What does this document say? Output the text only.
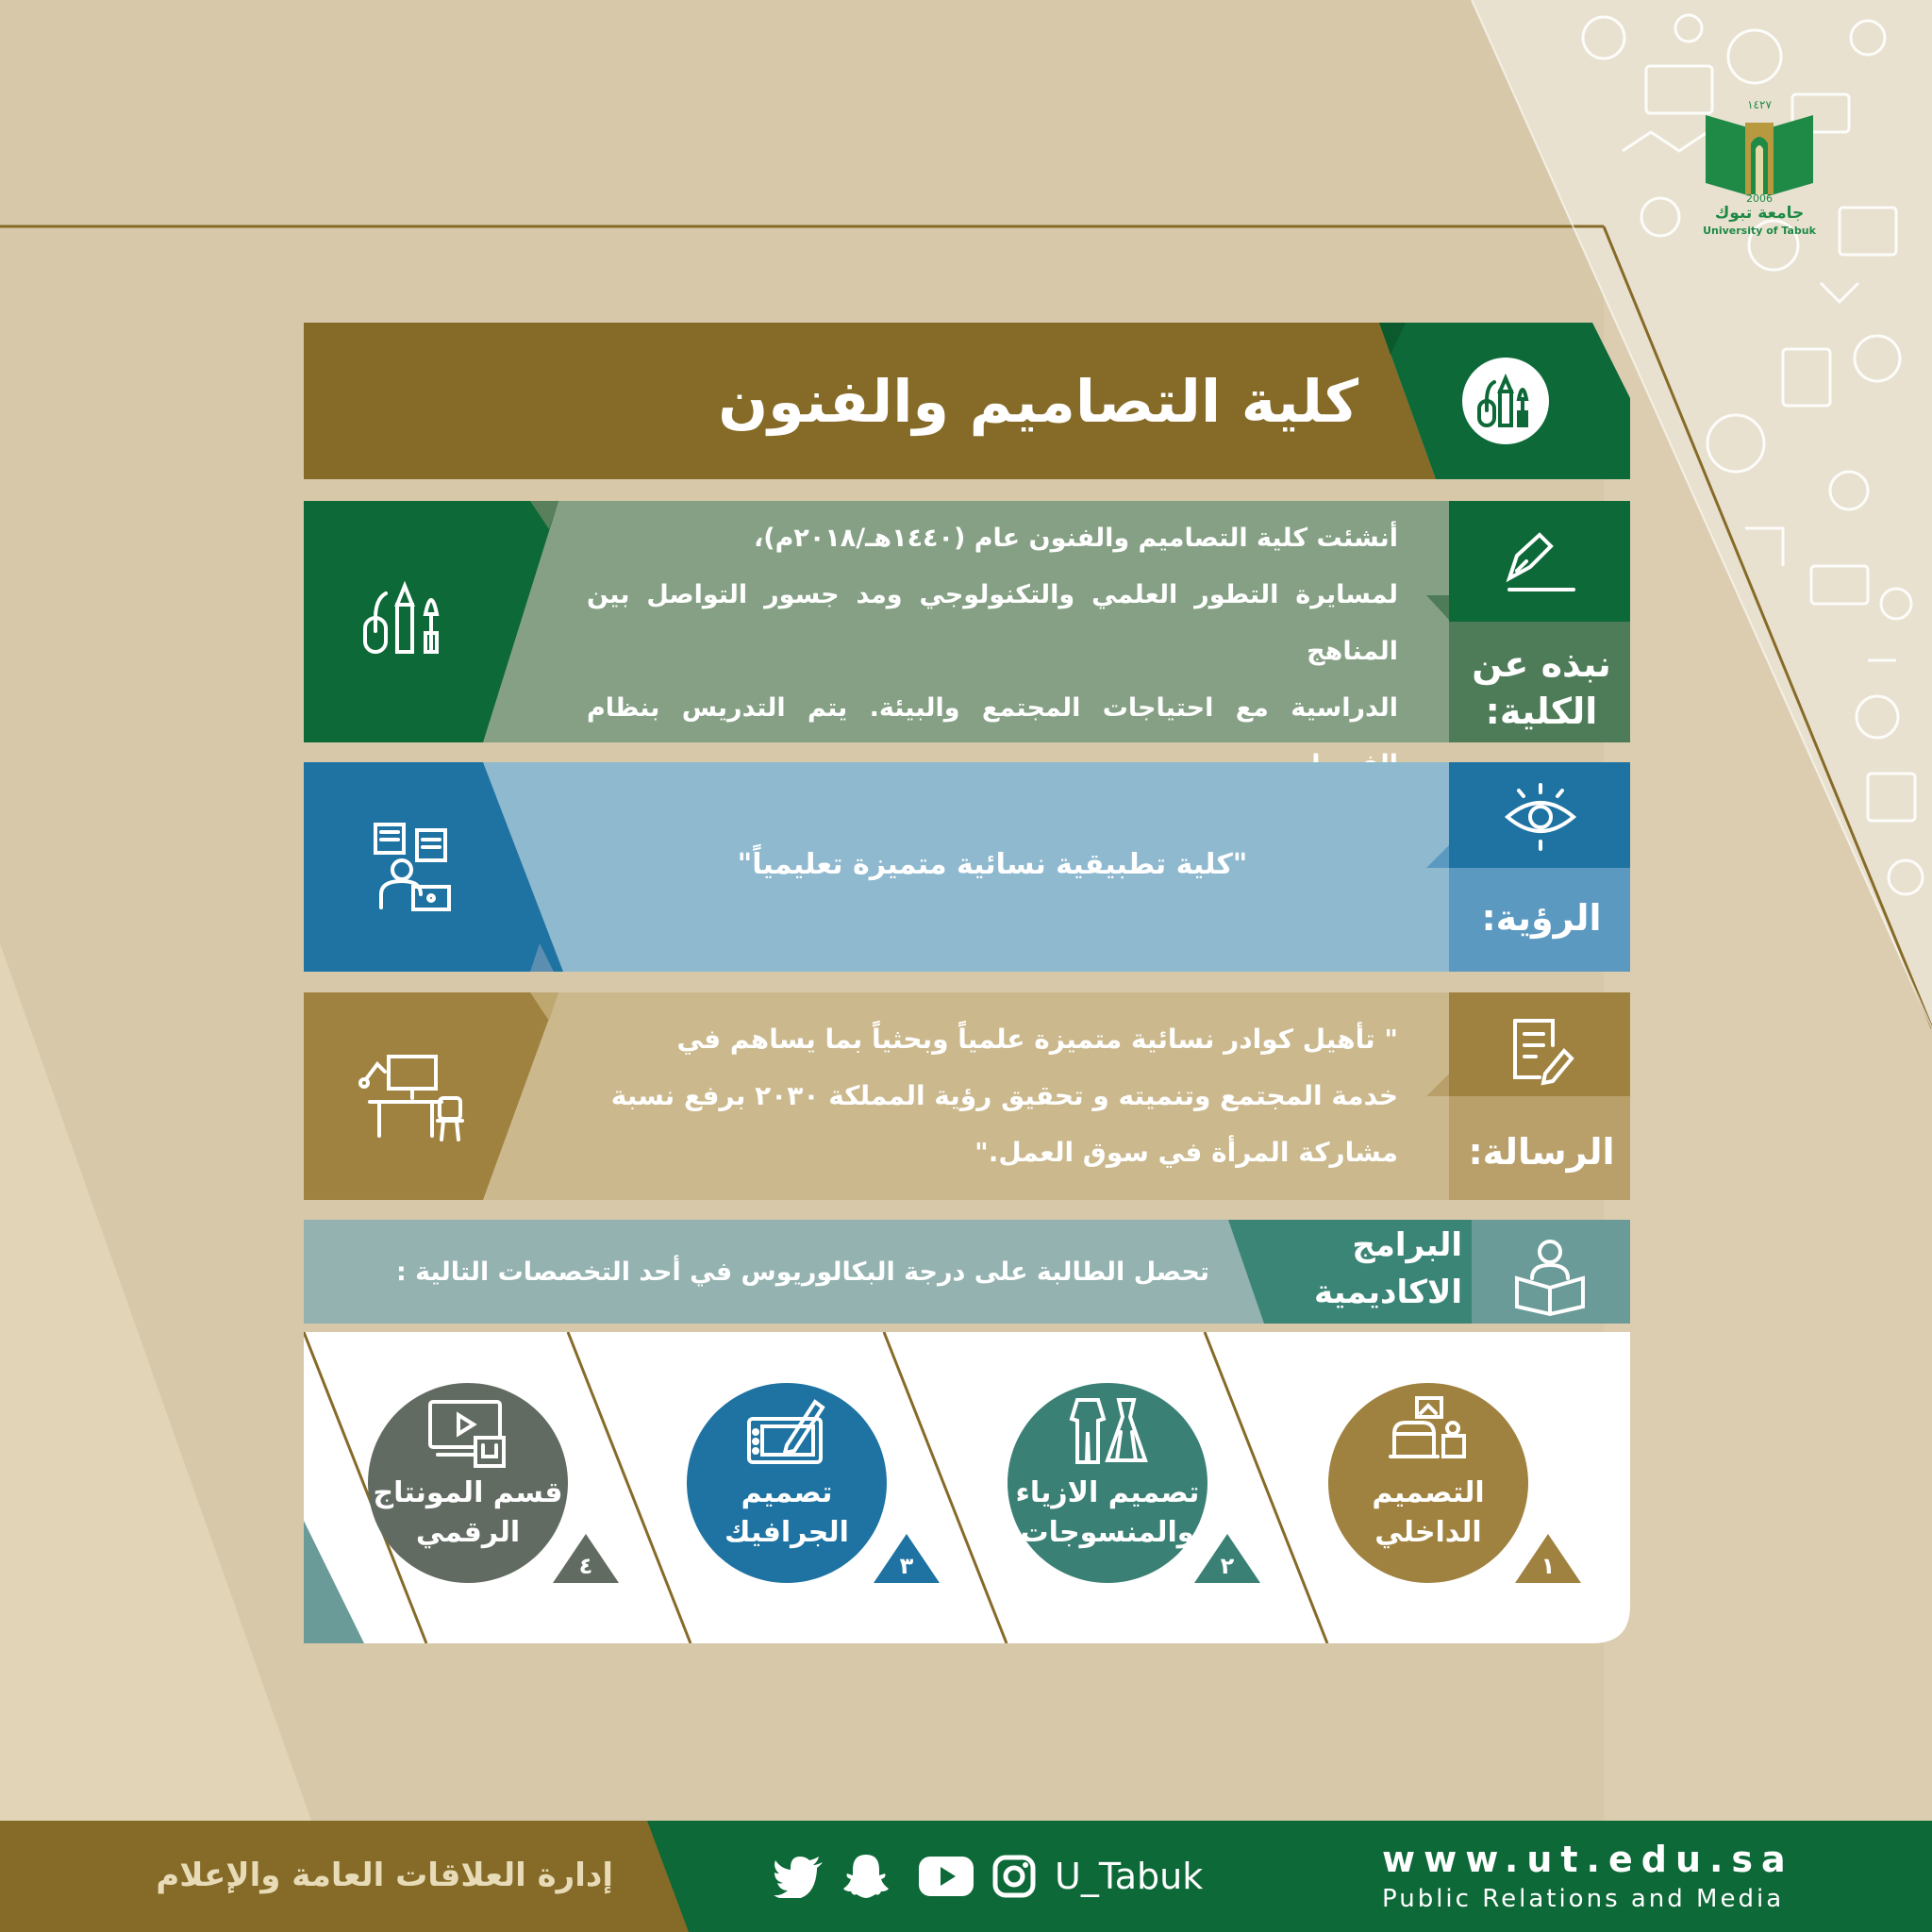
١٤٢٧
2006
جامعة تبوك
University of Tabuk
كلية التصاميم والفنون
نبذه عن الكلية:
أنشئت كلية التصاميم والفنون عام (١٤٤٠هـ/٢٠١٨م)،
لمسايرة التطور العلمي والتكنولوجي ومد جسور التواصل بين المناهج
الدراسية مع احتياجات المجتمع والبيئة. يتم التدريس بنظام
الرؤية:
"كلية تطبيقية نسائية متميزة تعليمياً"
الرسالة:
" تأهيل كوادر نسائية متميزة علمياً وبحثياً بما يساهم في
خدمة المجتمع وتنميته و تحقيق رؤية المملكة ٢٠٣٠ برفع نسبة
مشاركة المرأة في سوق العمل."
البرامج
الاكاديمية
تحصل الطالبة على درجة البكالوريوس في أحد التخصصات التالية :
التصميم
الداخلي
١
تصميم الازياء
والمنسوجات
٢
تصميم
الجرافيك
٣
قسم المونتاج
الرقمي
٤
إدارة العلاقات العامة والإعلام	U_Tabuk	www.ut.edu.sa
Public Relations and Media
